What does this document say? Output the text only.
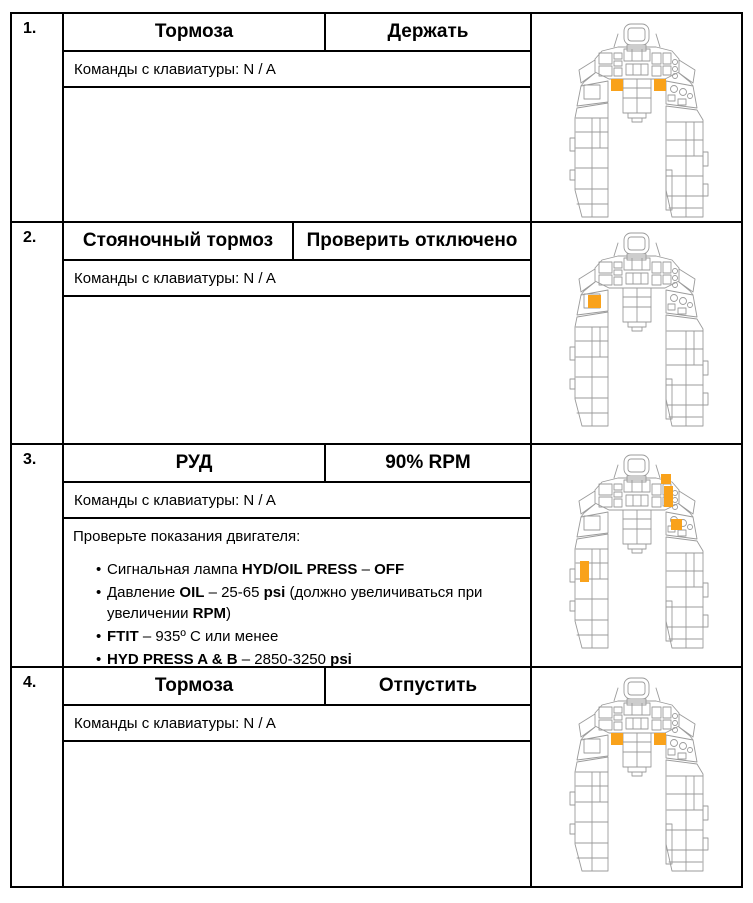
1.	Тормоза	Держать
Команды с клавиатуры: N / A
2.	Стояночный тормоз	Проверить отключено
Команды с клавиатуры: N / A
3.	РУД	90% RPM
Команды с клавиатуры: N / A

Проверьте показания двигателя:

• Сигнальная лампа HYD/OIL PRESS – OFF
• Давление OIL – 25-65 psi (должно увеличиваться при увеличении RPM)
• FTIT – 935º C или менее
• HYD PRESS A & B – 2850-3250 psi
4.	Тормоза	Отпустить
Команды с клавиатуры: N / A
